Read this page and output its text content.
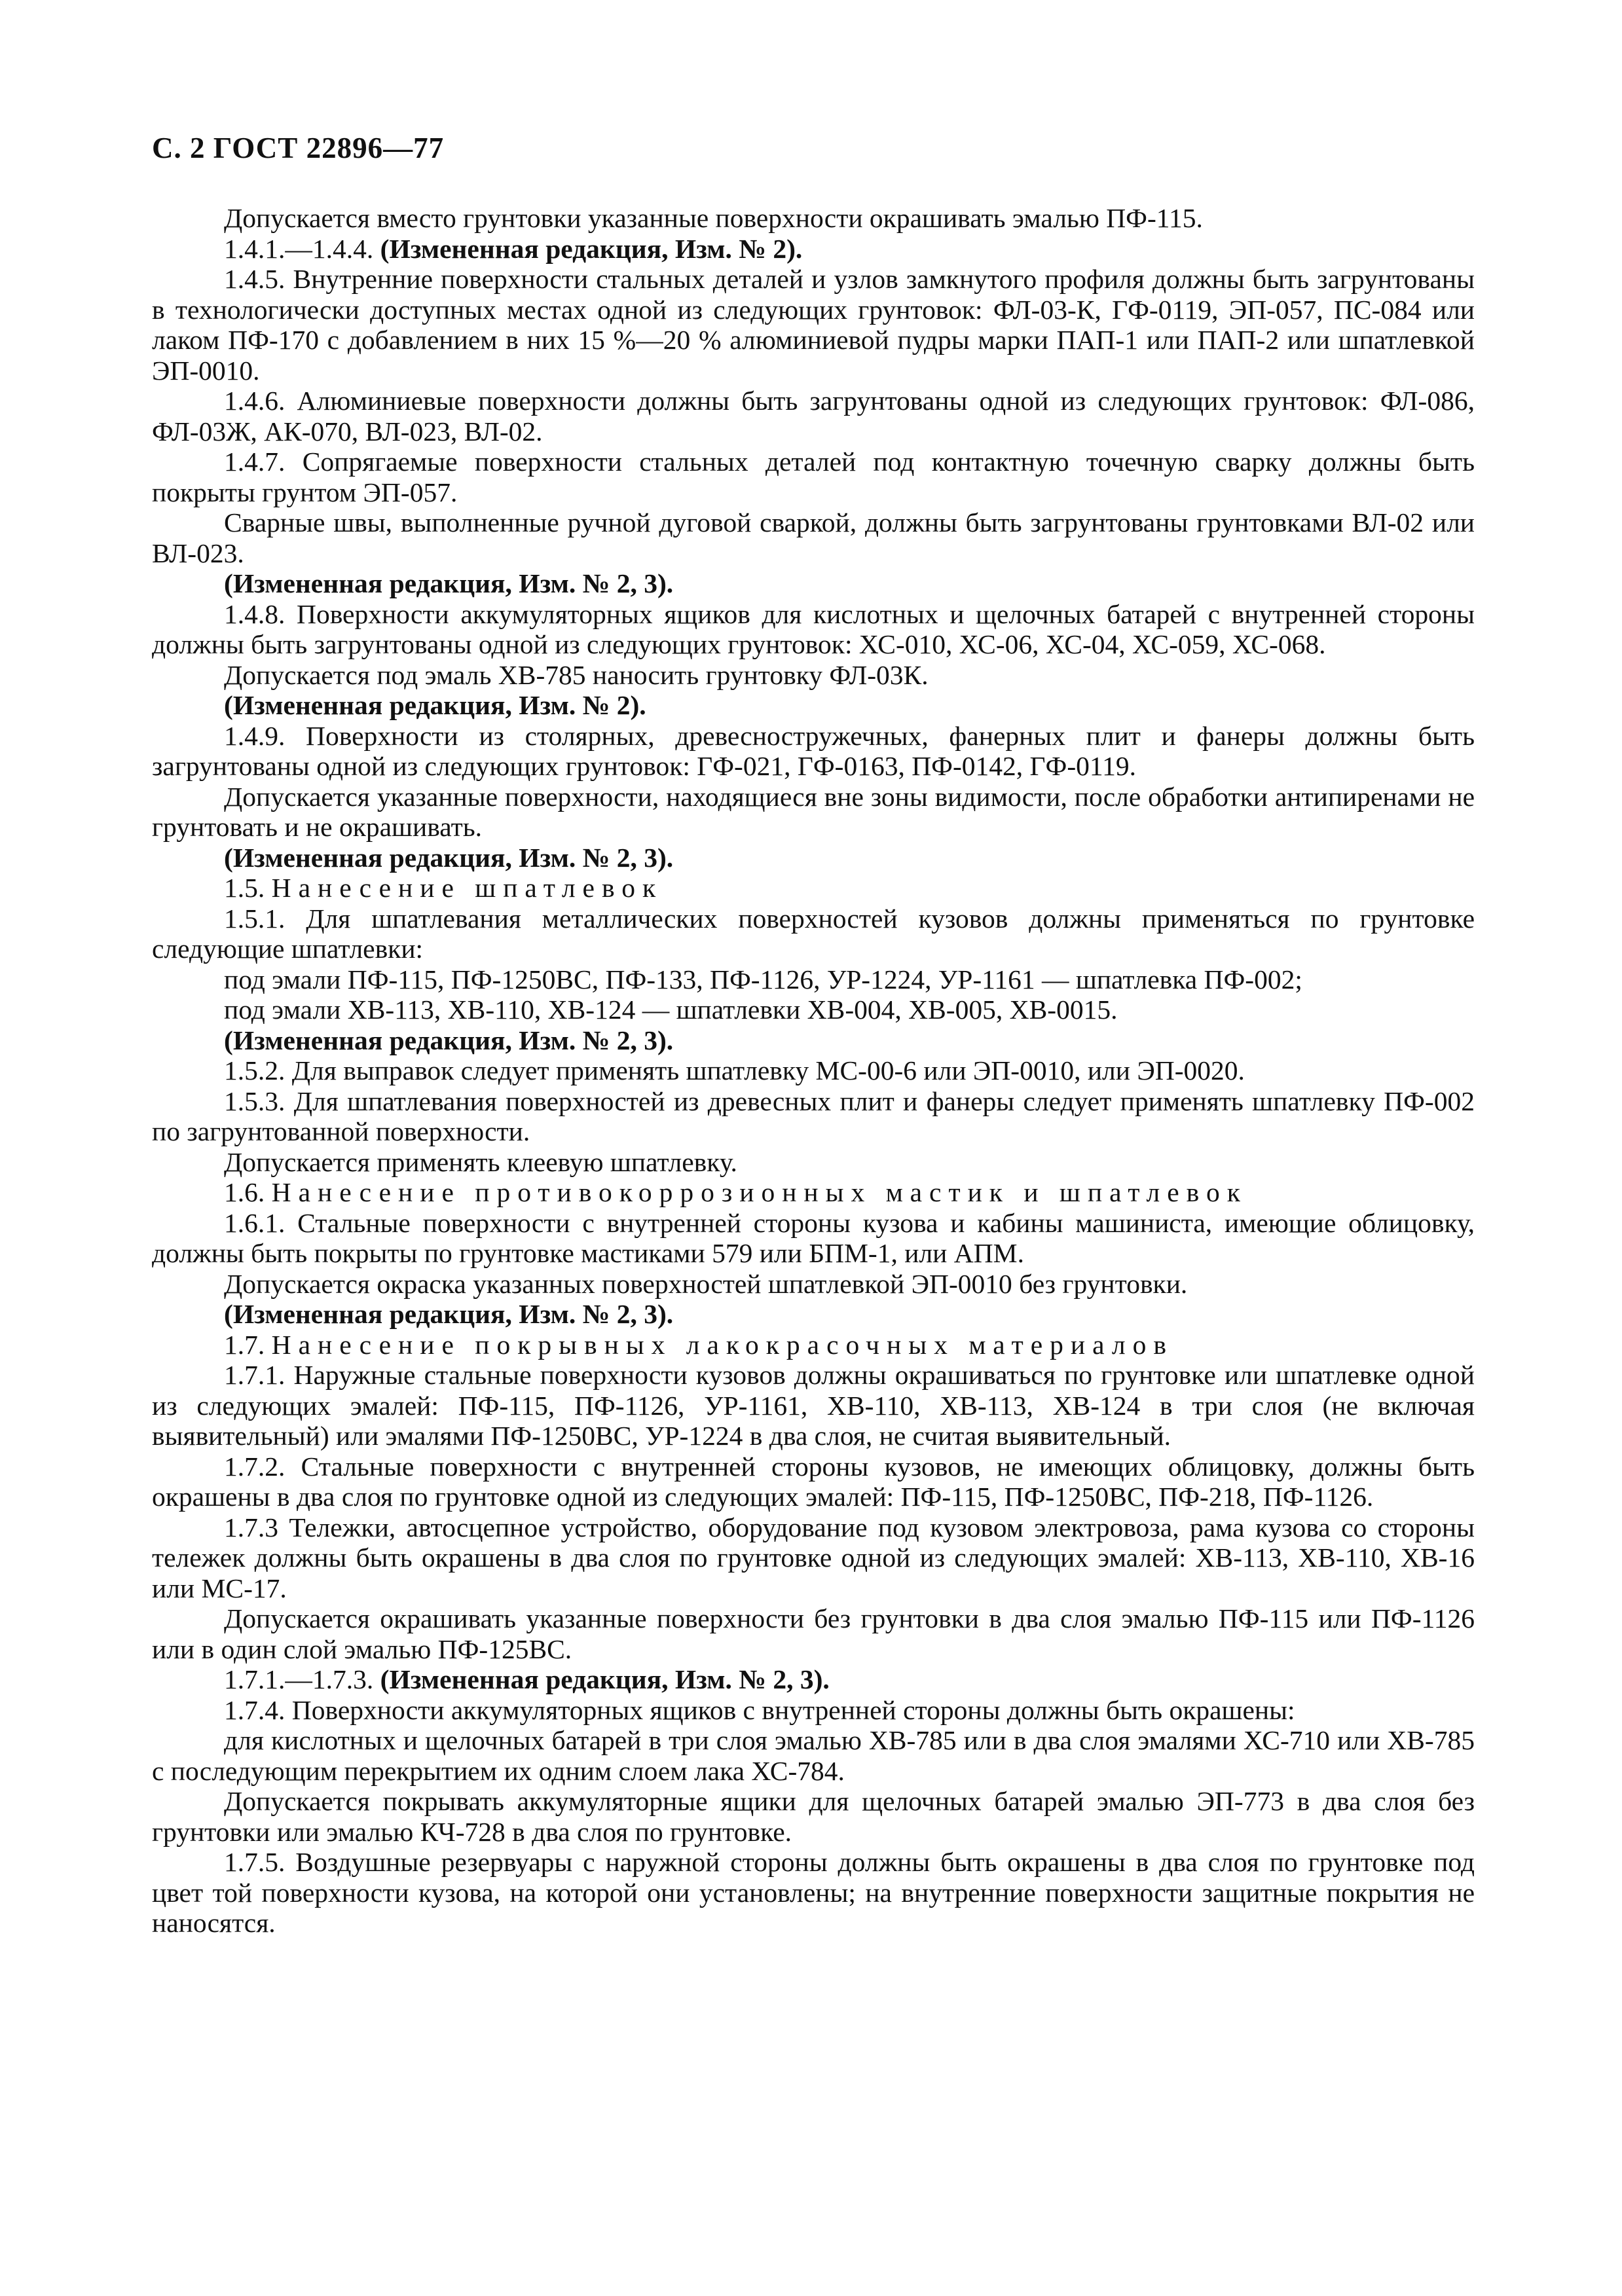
С. 2 ГОСТ 22896—77

Допускается вместо грунтовки указанные поверхности окрашивать эмалью ПФ-115.

1.4.1.—1.4.4. (Измененная редакция, Изм. № 2).

1.4.5. Внутренние поверхности стальных деталей и узлов замкнутого профиля должны быть загрунтованы в технологически доступных местах одной из следующих грунтовок: ФЛ-03-К, ГФ-0119, ЭП-057, ПС-084 или лаком ПФ-170 с добавлением в них 15 %—20 % алюминиевой пудры марки ПАП-1 или ПАП-2 или шпатлевкой ЭП-0010.

1.4.6. Алюминиевые поверхности должны быть загрунтованы одной из следующих грунтовок: ФЛ-086, ФЛ-03Ж, АК-070, ВЛ-023, ВЛ-02.

1.4.7. Сопрягаемые поверхности стальных деталей под контактную точечную сварку должны быть покрыты грунтом ЭП-057.

Сварные швы, выполненные ручной дуговой сваркой, должны быть загрунтованы грунтовками ВЛ-02 или ВЛ-023.

(Измененная редакция, Изм. № 2, 3).

1.4.8. Поверхности аккумуляторных ящиков для кислотных и щелочных батарей с внутренней стороны должны быть загрунтованы одной из следующих грунтовок: ХС-010, ХС-06, ХС-04, ХС-059, ХС-068.

Допускается под эмаль ХВ-785 наносить грунтовку ФЛ-03К.

(Измененная редакция, Изм. № 2).

1.4.9. Поверхности из столярных, древесностружечных, фанерных плит и фанеры должны быть загрунтованы одной из следующих грунтовок: ГФ-021, ГФ-0163, ПФ-0142, ГФ-0119.

Допускается указанные поверхности, находящиеся вне зоны видимости, после обработки антипиренами не грунтовать и не окрашивать.

(Измененная редакция, Изм. № 2, 3).

1.5. Нанесение шпатлевок

1.5.1. Для шпатлевания металлических поверхностей кузовов должны применяться по грунтовке следующие шпатлевки:

под эмали ПФ-115, ПФ-1250ВС, ПФ-133, ПФ-1126, УР-1224, УР-1161 — шпатлевка ПФ-002;

под эмали ХВ-113, ХВ-110, ХВ-124 — шпатлевки ХВ-004, ХВ-005, ХВ-0015.

(Измененная редакция, Изм. № 2, 3).

1.5.2. Для выправок следует применять шпатлевку МС-00-6 или ЭП-0010, или ЭП-0020.

1.5.3. Для шпатлевания поверхностей из древесных плит и фанеры следует применять шпатлевку ПФ-002 по загрунтованной поверхности.

Допускается применять клеевую шпатлевку.

1.6. Нанесение противокоррозионных мастик и шпатлевок

1.6.1. Стальные поверхности с внутренней стороны кузова и кабины машиниста, имеющие облицовку, должны быть покрыты по грунтовке мастиками 579 или БПМ-1, или АПМ.

Допускается окраска указанных поверхностей шпатлевкой ЭП-0010 без грунтовки.

(Измененная редакция, Изм. № 2, 3).

1.7. Нанесение покрывных лакокрасочных материалов

1.7.1. Наружные стальные поверхности кузовов должны окрашиваться по грунтовке или шпатлевке одной из следующих эмалей: ПФ-115, ПФ-1126, УР-1161, ХВ-110, ХВ-113, ХВ-124 в три слоя (не включая выявительный) или эмалями ПФ-1250ВС, УР-1224 в два слоя, не считая выявительный.

1.7.2. Стальные поверхности с внутренней стороны кузовов, не имеющих облицовку, должны быть окрашены в два слоя по грунтовке одной из следующих эмалей: ПФ-115, ПФ-1250ВС, ПФ-218, ПФ-1126.

1.7.3 Тележки, автосцепное устройство, оборудование под кузовом электровоза, рама кузова со стороны тележек должны быть окрашены в два слоя по грунтовке одной из следующих эмалей: ХВ-113, ХВ-110, ХВ-16 или МС-17.

Допускается окрашивать указанные поверхности без грунтовки в два слоя эмалью ПФ-115 или ПФ-1126 или в один слой эмалью ПФ-125ВС.

1.7.1.—1.7.3. (Измененная редакция, Изм. № 2, 3).

1.7.4. Поверхности аккумуляторных ящиков с внутренней стороны должны быть окрашены:

для кислотных и щелочных батарей в три слоя эмалью ХВ-785 или в два слоя эмалями ХС-710 или ХВ-785 с последующим перекрытием их одним слоем лака ХС-784.

Допускается покрывать аккумуляторные ящики для щелочных батарей эмалью ЭП-773 в два слоя без грунтовки или эмалью КЧ-728 в два слоя по грунтовке.

1.7.5. Воздушные резервуары с наружной стороны должны быть окрашены в два слоя по грунтовке под цвет той поверхности кузова, на которой они установлены; на внутренние поверхности защитные покрытия не наносятся.
